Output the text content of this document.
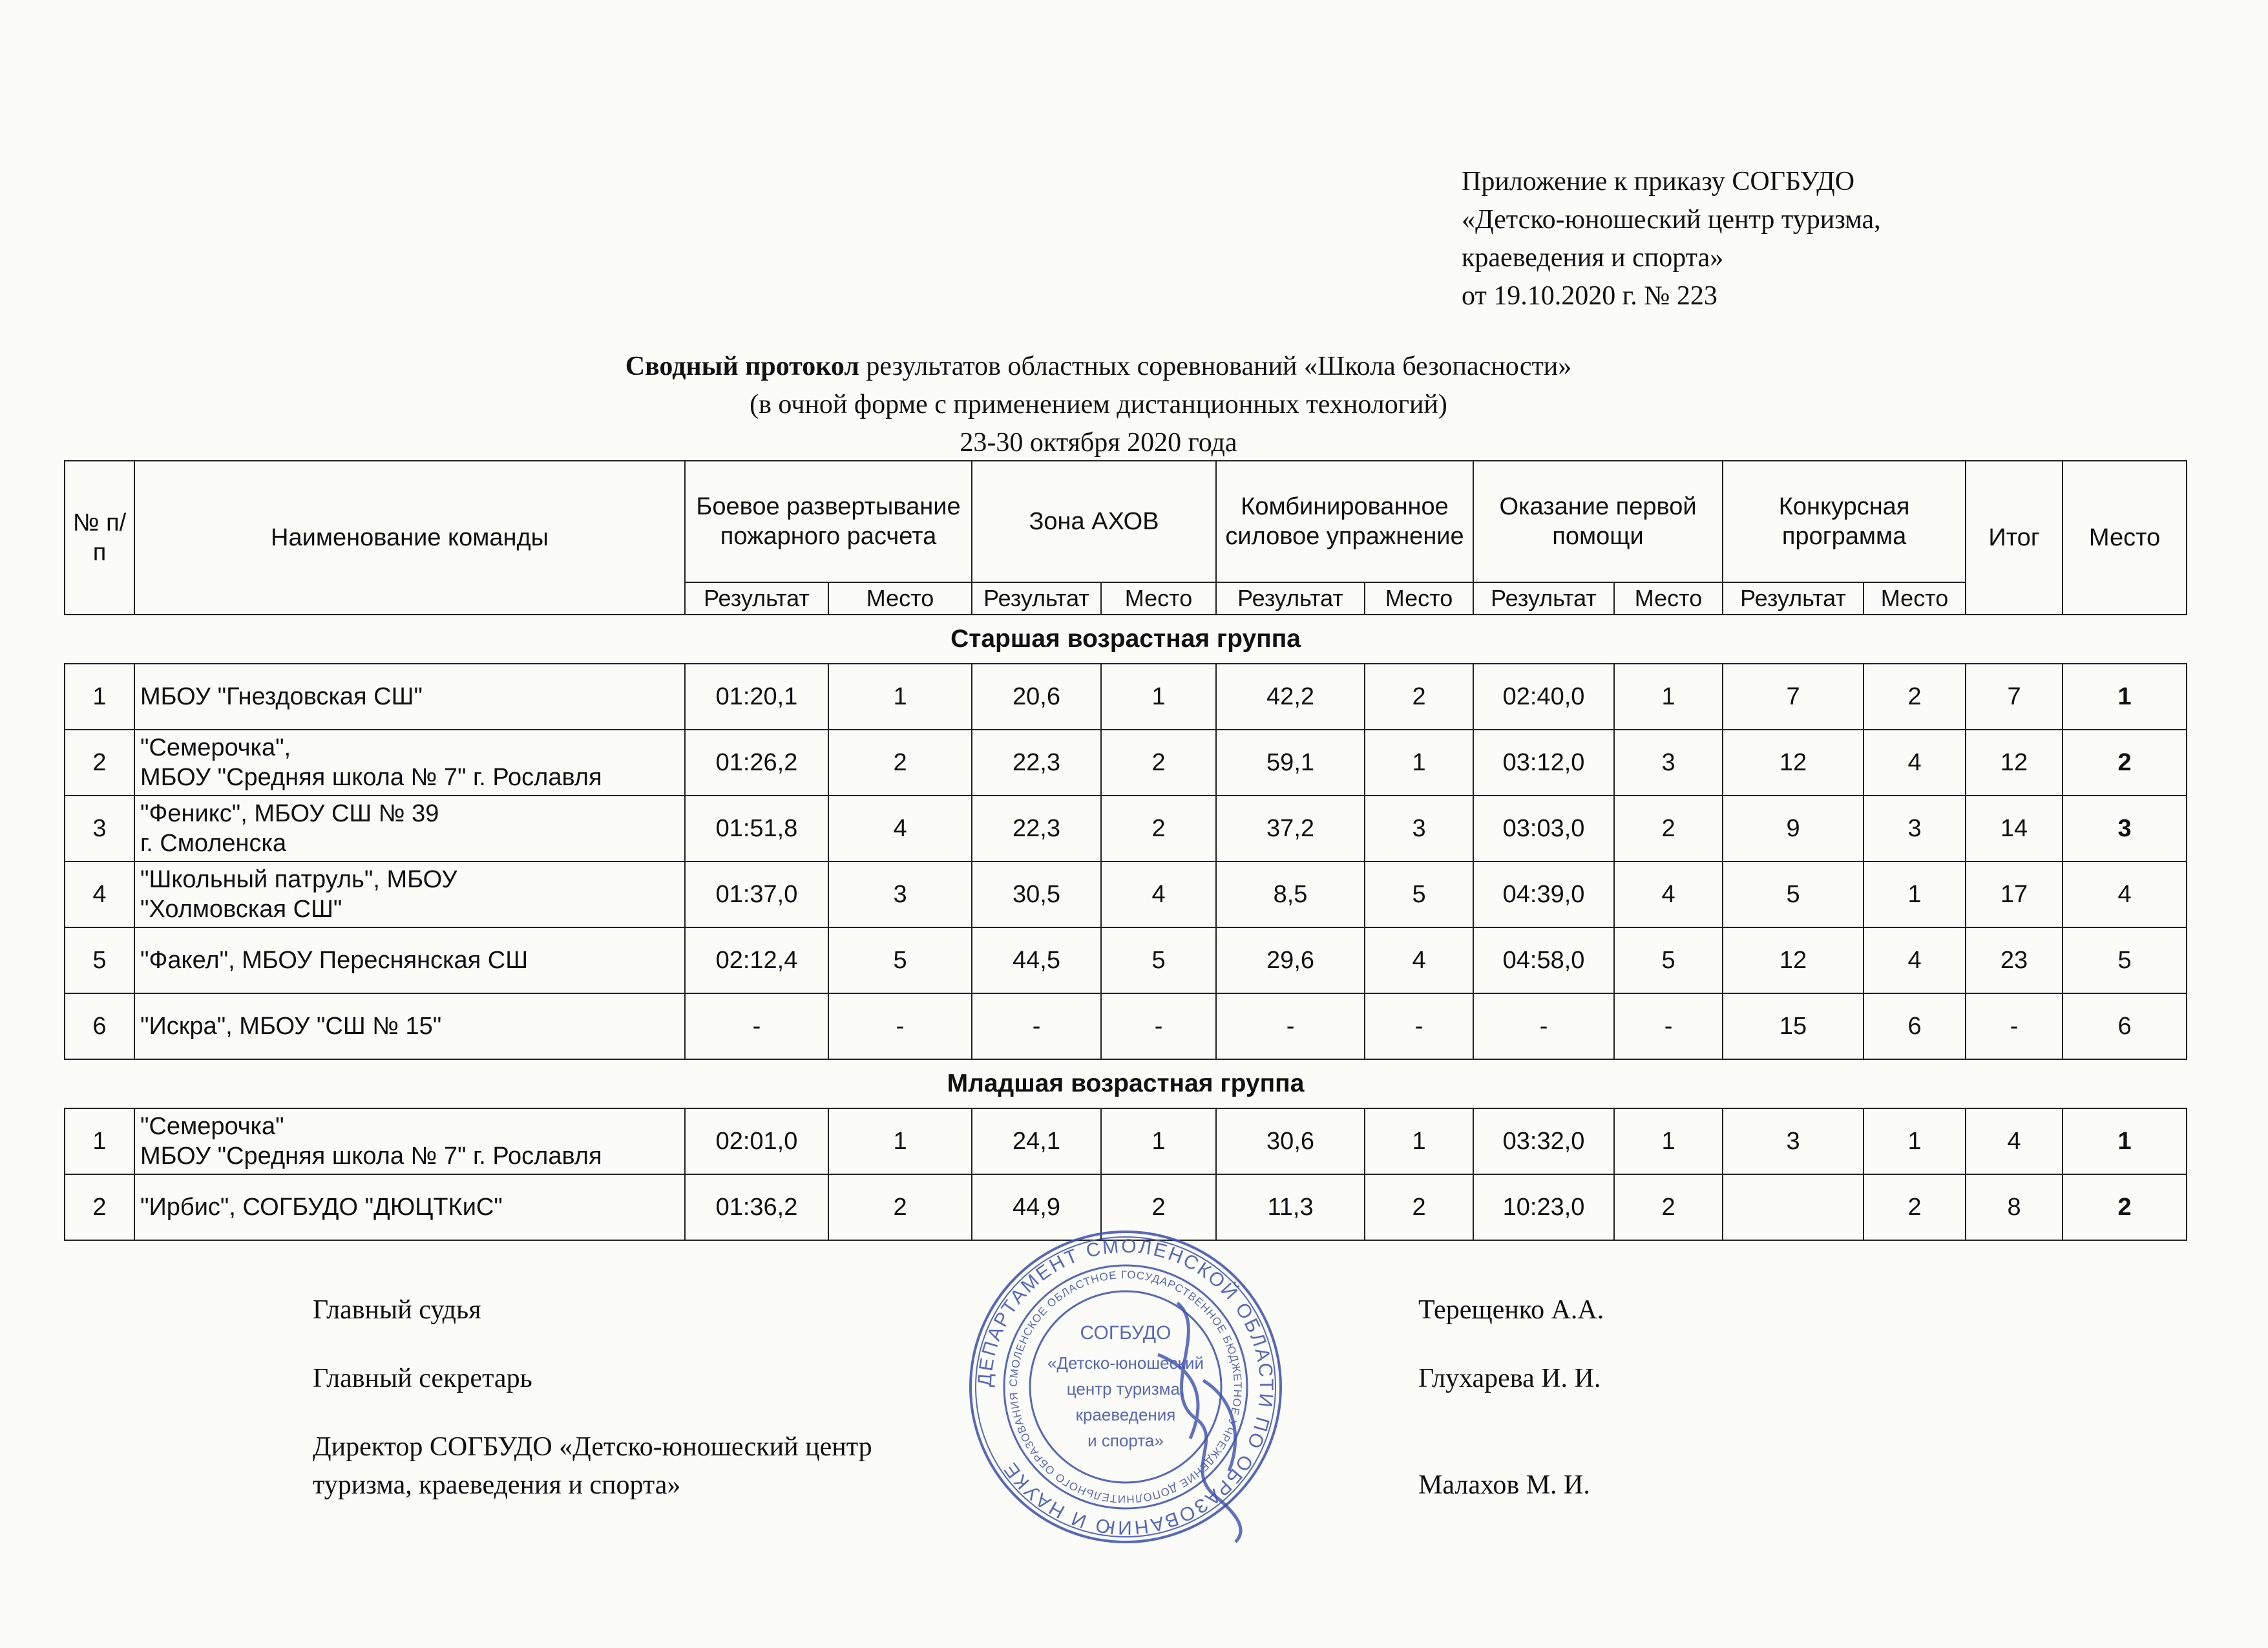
Приложение к приказу СОГБУДО
«Детско-юношеский центр туризма,
краеведения и спорта»
от 19.10.2020 г. № 223
Сводный протокол результатов областных соревнований «Школа безопасности»
(в очной форме с применением дистанционных технологий)
23-30 октября 2020 года
№ п/п	Наименование команды	Боевое развертывание пожарного расчета		Зона АХОВ		Комбинированное силовое упражнение		Оказание первой помощи		Конкурсная программа		Итог	Место
		Результат	Место	Результат	Место	Результат	Место	Результат	Место	Результат	Место		
Старшая возрастная группа													
1	МБОУ "Гнездовская СШ"	01:20,1	1	20,6	1	42,2	2	02:40,0	1	7	2	7	1
2	"Семерочка",
МБОУ "Средняя школа № 7" г. Рославля	01:26,2	2	22,3	2	59,1	1	03:12,0	3	12	4	12	2
3	"Феникс", МБОУ СШ № 39
г. Смоленска	01:51,8	4	22,3	2	37,2	3	03:03,0	2	9	3	14	3
4	"Школьный патруль", МБОУ
"Холмовская СШ"	01:37,0	3	30,5	4	8,5	5	04:39,0	4	5	1	17	4
5	"Факел", МБОУ Переснянская СШ	02:12,4	5	44,5	5	29,6	4	04:58,0	5	12	4	23	5
6	"Искра", МБОУ "СШ № 15"	-	-	-	-	-	-	-	-	15	6	-	6
Младшая возрастная группа													
1	"Семерочка"
МБОУ "Средняя школа № 7" г. Рославля	02:01,0	1	24,1	1	30,6	1	03:32,0	1	3	1	4	1
2	"Ирбис", СОГБУДО "ДЮЦТКиС"	01:36,2	2	44,9	2	11,3	2	10:23,0	2		2	8	2
Главный судья	Терещенко А.А.
Главный секретарь	Глухарева И. И.
Директор СОГБУДО «Детско-юношеский центр
туризма, краеведения и спорта»	Малахов М. И.
ДЕПАРТАМЕНТ СМОЛЕНСКОЙ ОБЛАСТИ ПО ОБРАЗОВАНИЮ И НАУКЕ
СМОЛЕНСКОЕ ОБЛАСТНОЕ ГОСУДАРСТВЕННОЕ БЮДЖЕТНОЕ УЧРЕЖДЕНИЕ ДОПОЛНИТЕЛЬНОГО ОБРАЗОВАНИЯ
СОГБУДО
«Детско-юношеский
центр туризма,
краеведения
и спорта»
